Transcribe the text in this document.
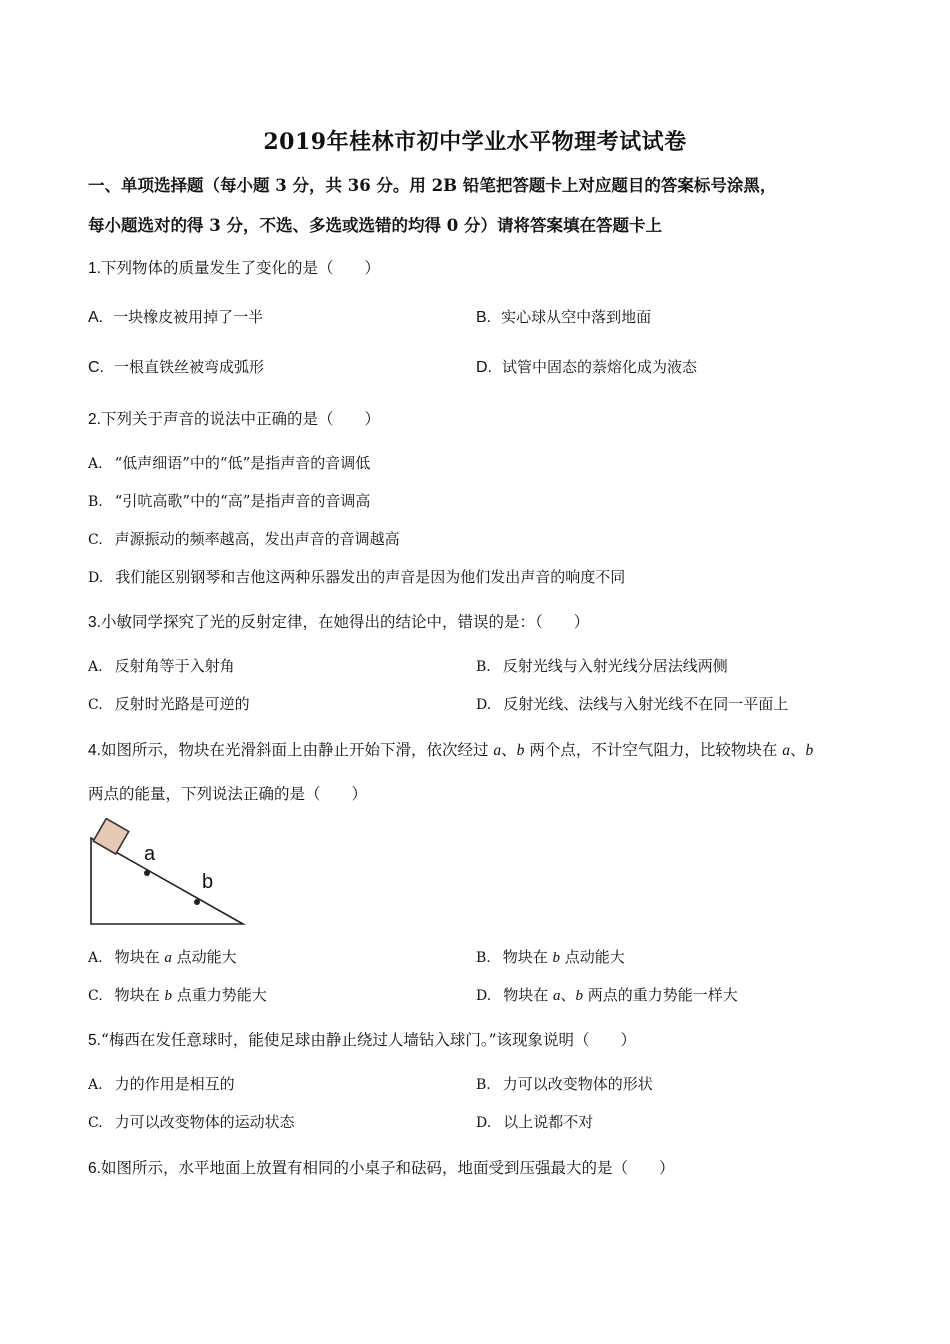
2019年桂林市初中学业水平物理考试试卷
一、单项选择题（每小题 3 分，共 36 分。用 2B 铅笔把答题卡上对应题目的答案标号涂黑，
每小题选对的得 3 分，不选、多选或选错的均得 0 分）请将答案填在答题卡上
1.下列物体的质量发生了变化的是（　　）
A. 一块橡皮被用掉了一半	B. 实心球从空中落到地面
C. 一根直铁丝被弯成弧形	D. 试管中固态的萘熔化成为液态
2.下列关于声音的说法中正确的是（　　）
A. “低声细语”中的“低”是指声音的音调低
B. “引吭高歌”中的“高”是指声音的音调高
C. 声源振动的频率越高，发出声音的音调越高
D. 我们能区别钢琴和吉他这两种乐器发出的声音是因为他们发出声音的响度不同
3.小敏同学探究了光的反射定律，在她得出的结论中，错误的是：（　　）
A. 反射角等于入射角	B. 反射光线与入射光线分居法线两侧
C. 反射时光路是可逆的	D. 反射光线、法线与入射光线不在同一平面上
4.如图所示，物块在光滑斜面上由静止开始下滑，依次经过 a、b 两个点，不计空气阻力，比较物块在 a、b
两点的能量，下列说法正确的是（　　）
a
b
A. 物块在 a 点动能大	B. 物块在 b 点动能大
C. 物块在 b 点重力势能大	D. 物块在 a、b 两点的重力势能一样大
5.“梅西在发任意球时，能使足球由静止绕过人墙钻入球门。”该现象说明（　　）
A. 力的作用是相互的	B. 力可以改变物体的形状
C. 力可以改变物体的运动状态	D. 以上说都不对
6.如图所示，水平地面上放置有相同的小桌子和砝码，地面受到压强最大的是（　　）
